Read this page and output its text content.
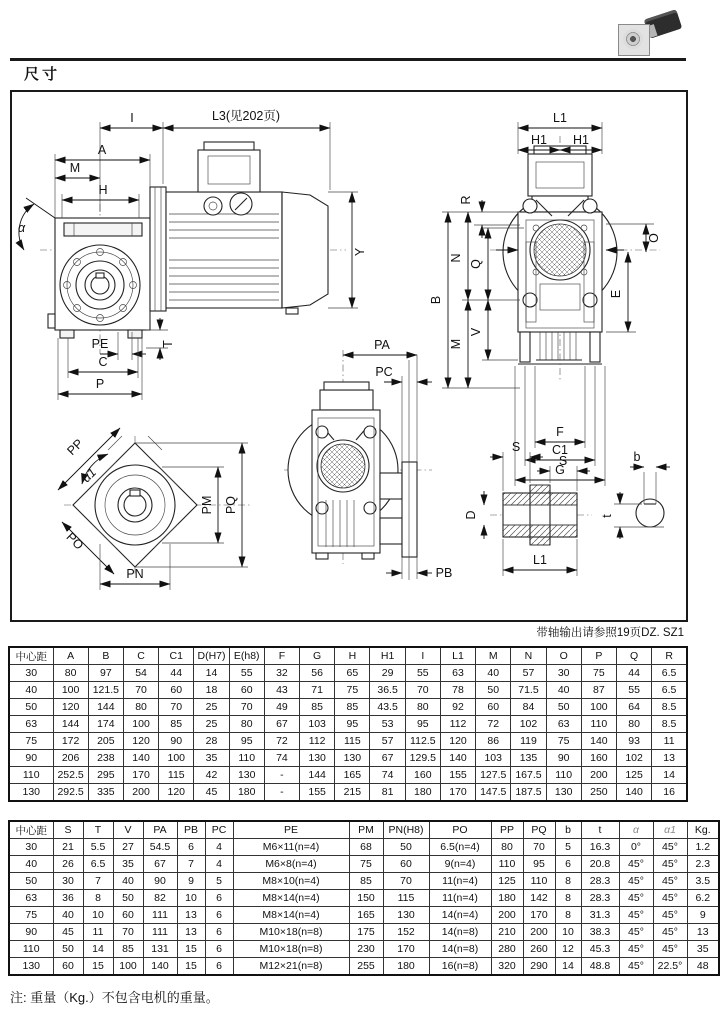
尺寸
I	L3(见202页)
A
M
H
α
Y
T
PE
C
P
L1
H1 H1
R
B
N
M
Q
V
O
E
F
C1
G
PP
α1
PO
PN
PM PQ
PA
PC
PB
S
S
D
L1
b
t
带轴输出请参照19页DZ. SZ1
中心距	A	B	C	C1	D(H7)	E(h8)	F	G	H	H1	I	L1	M	N	O	P	Q	R
30	80	97	54	44	14	55	32	56	65	29	55	63	40	57	30	75	44	6.5
40	100	121.5	70	60	18	60	43	71	75	36.5	70	78	50	71.5	40	87	55	6.5
50	120	144	80	70	25	70	49	85	85	43.5	80	92	60	84	50	100	64	8.5
63	144	174	100	85	25	80	67	103	95	53	95	112	72	102	63	110	80	8.5
75	172	205	120	90	28	95	72	112	115	57	112.5	120	86	119	75	140	93	11
90	206	238	140	100	35	110	74	130	130	67	129.5	140	103	135	90	160	102	13
110	252.5	295	170	115	42	130	-	144	165	74	160	155	127.5	167.5	110	200	125	14
130	292.5	335	200	120	45	180	-	155	215	81	180	170	147.5	187.5	130	250	140	16
中心距	S	T	V	PA	PB	PC	PE	PM	PN(H8)	PO	PP	PQ	b	t	α	α1	Kg.
30	21	5.5	27	54.5	6	4	M6×11(n=4)	68	50	6.5(n=4)	80	70	5	16.3	0°	45°	1.2
40	26	6.5	35	67	7	4	M6×8(n=4)	75	60	9(n=4)	110	95	6	20.8	45°	45°	2.3
50	30	7	40	90	9	5	M8×10(n=4)	85	70	11(n=4)	125	110	8	28.3	45°	45°	3.5
63	36	8	50	82	10	6	M8×14(n=4)	150	115	11(n=4)	180	142	8	28.3	45°	45°	6.2
75	40	10	60	111	13	6	M8×14(n=4)	165	130	14(n=4)	200	170	8	31.3	45°	45°	9
90	45	11	70	111	13	6	M10×18(n=8)	175	152	14(n=8)	210	200	10	38.3	45°	45°	13
110	50	14	85	131	15	6	M10×18(n=8)	230	170	14(n=8)	280	260	12	45.3	45°	45°	35
130	60	15	100	140	15	6	M12×21(n=8)	255	180	16(n=8)	320	290	14	48.8	45°	22.5°	48
注: 重量（Kg.）不包含电机的重量。
